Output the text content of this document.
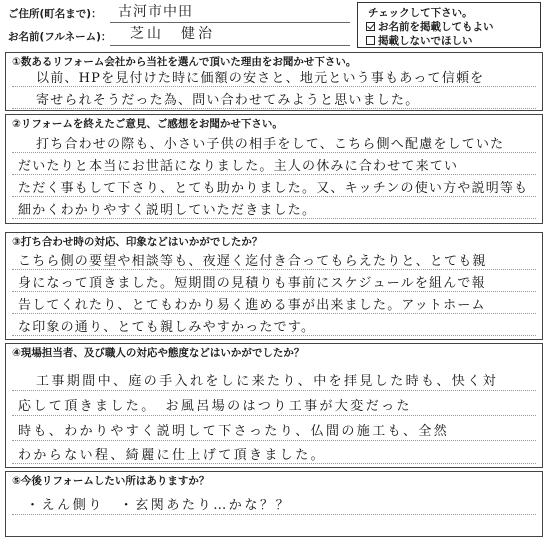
ご住所(町名まで)： 古河市中田
お名前(フルネーム)： 芝山　健治
チェックして下さい。
お名前を掲載してもよい
掲載しないでほしい
①数あるリフォーム会社から当社を選んで頂いた理由をお聞かせ下さい。
以前、HPを見付けた時に価額の安さと、地元という事もあって信頼を
寄せられそうだった為、問い合わせてみようと思いました。
②リフォームを終えたご意見、ご感想をお聞かせ下さい。
打ち合わせの際も、小さい子供の相手をして、こちら側へ配慮をしていた
だいたりと本当にお世話になりました。主人の休みに合わせて来てい
ただく事もして下さり、とても助かりました。又、キッチンの使い方や説明等も
細かくわかりやすく説明していただきました。
③打ち合わせ時の対応、印象などはいかがでしたか？
こちら側の要望や相談等も、夜遅く迄付き合ってもらえたりと、とても親
身になって頂きました。短期間の見積りも事前にスケジュールを組んで報
告してくれたり、とてもわかり易く進める事が出来ました。アットホーム
な印象の通り、とても親しみやすかったです。
④現場担当者、及び職人の対応や態度などはいかがでしたか？
工事期間中、庭の手入れをしに来たり、中を拝見した時も、快く対
応して頂きました。　お風呂場のはつり工事が大変だった
時も、わかりやすく説明して下さったり、仏間の施工も、全然
わからない程、綺麗に仕上げて頂きました。
⑤今後リフォームしたい所はありますか？
・えん側り　・玄関あたり…かな？？
